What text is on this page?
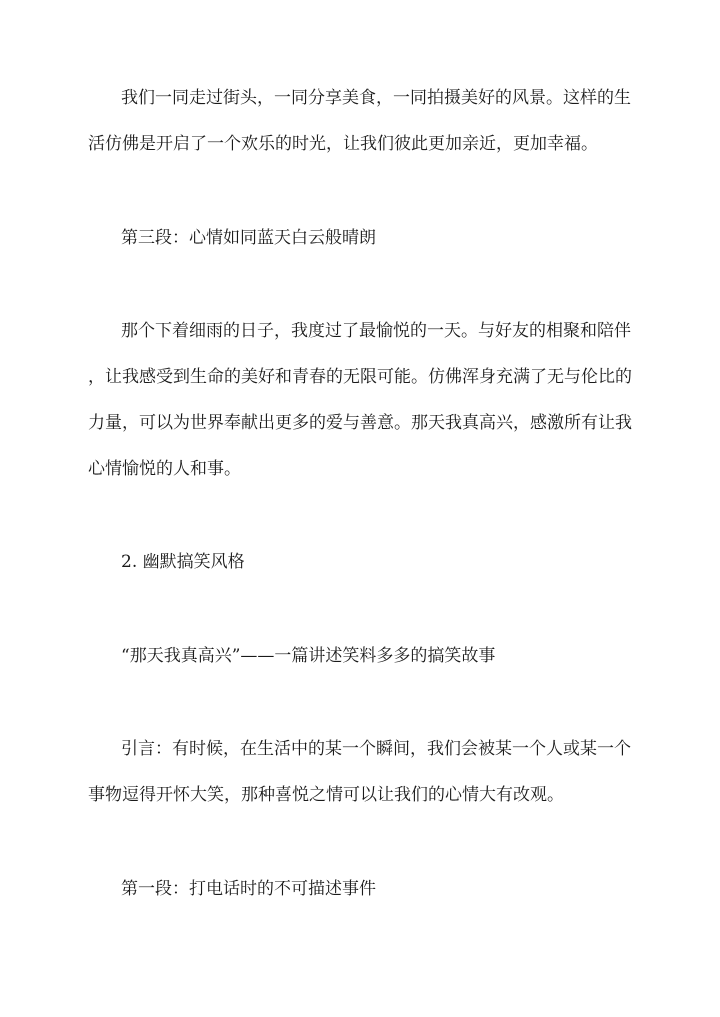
我们一同走过街头，一同分享美食，一同拍摄美好的风景。这样的生
活仿佛是开启了一个欢乐的时光，让我们彼此更加亲近，更加幸福。

第三段：心情如同蓝天白云般晴朗

那个下着细雨的日子，我度过了最愉悦的一天。与好友的相聚和陪伴
，让我感受到生命的美好和青春的无限可能。仿佛浑身充满了无与伦比的
力量，可以为世界奉献出更多的爱与善意。那天我真高兴，感激所有让我
心情愉悦的人和事。

2. 幽默搞笑风格

“那天我真高兴”——一篇讲述笑料多多的搞笑故事

引言：有时候，在生活中的某一个瞬间，我们会被某一个人或某一个
事物逗得开怀大笑，那种喜悦之情可以让我们的心情大有改观。

第一段：打电话时的不可描述事件
